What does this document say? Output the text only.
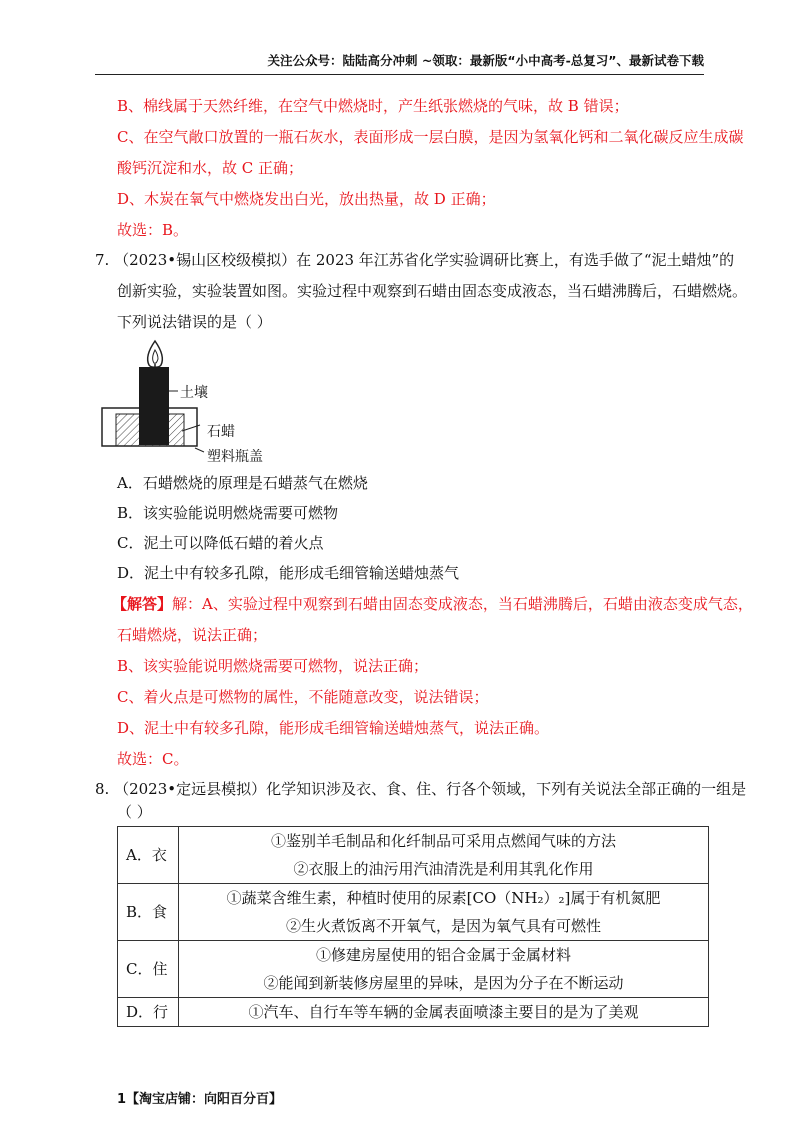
关注公众号：陆陆高分冲刺 ~领取：最新版“小中高考-总复习”、最新试卷下载
B、棉线属于天然纤维，在空气中燃烧时，产生纸张燃烧的气味，故 B 错误；
C、在空气敞口放置的一瓶石灰水，表面形成一层白膜，是因为氢氧化钙和二氧化碳反应生成碳
酸钙沉淀和水，故 C 正确；
D、木炭在氧气中燃烧发出白光，放出热量，故 D 正确；
故选：B。
7. （2023•锡山区校级模拟）在 2023 年江苏省化学实验调研比赛上，有选手做了“泥土蜡烛”的
创新实验，实验装置如图。实验过程中观察到石蜡由固态变成液态，当石蜡沸腾后，石蜡燃烧。
下列说法错误的是（ ）
土壤
石蜡
塑料瓶盖
A．石蜡燃烧的原理是石蜡蒸气在燃烧
B．该实验能说明燃烧需要可燃物
C．泥土可以降低石蜡的着火点
D．泥土中有较多孔隙，能形成毛细管输送蜡烛蒸气
【解答】解：A、实验过程中观察到石蜡由固态变成液态，当石蜡沸腾后，石蜡由液态变成气态，
石蜡燃烧，说法正确；
B、该实验能说明燃烧需要可燃物，说法正确；
C、着火点是可燃物的属性，不能随意改变，说法错误；
D、泥土中有较多孔隙，能形成毛细管输送蜡烛蒸气，说法正确。
故选：C。
8. （2023•定远县模拟）化学知识涉及衣、食、住、行各个领域，下列有关说法全部正确的一组是
（ ）
A．衣	①鉴别羊毛制品和化纤制品可采用点燃闻气味的方法
②衣服上的油污用汽油清洗是利用其乳化作用

B．食	①蔬菜含维生素，种植时使用的尿素[CO（NH₂）₂]属于有机氮肥
②生火煮饭离不开氧气，是因为氧气具有可燃性

C．住	①修建房屋使用的铝合金属于金属材料
②能闻到新装修房屋里的异味，是因为分子在不断运动

D．行	①汽车、自行车等车辆的金属表面喷漆主要目的是为了美观
1【淘宝店铺：向阳百分百】
